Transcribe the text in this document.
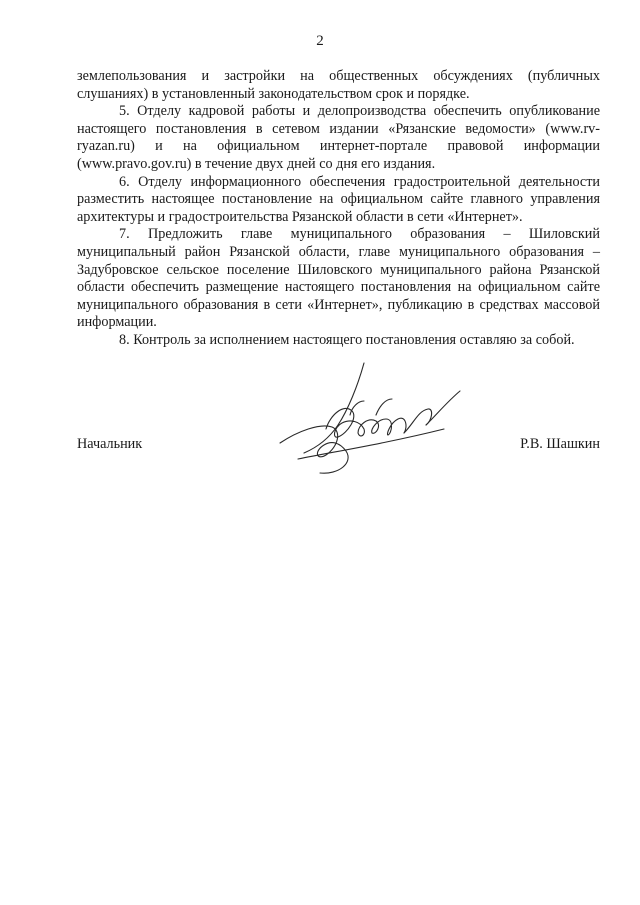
2

землепользования и застройки на общественных обсуждениях (публичных слушаниях) в установленный законодательством срок и порядке.

5. Отделу кадровой работы и делопроизводства обеспечить опубликование настоящего постановления в сетевом издании «Рязанские ведомости» (www.rv-ryazan.ru) и на официальном интернет-портале правовой информации (www.pravo.gov.ru) в течение двух дней со дня его издания.

6. Отделу информационного обеспечения градостроительной деятельности разместить настоящее постановление на официальном сайте главного управления архитектуры и градостроительства Рязанской области в сети «Интернет».

7. Предложить главе муниципального образования – Шиловский муниципальный район Рязанской области, главе муниципального образования – Задубровское сельское поселение Шиловского муниципального района Рязанской области обеспечить размещение настоящего постановления на официальном сайте муниципального образования в сети «Интернет», публикацию в средствах массовой информации.

8. Контроль за исполнением настоящего постановления оставляю за собой.

Начальник	Р.В. Шашкин
